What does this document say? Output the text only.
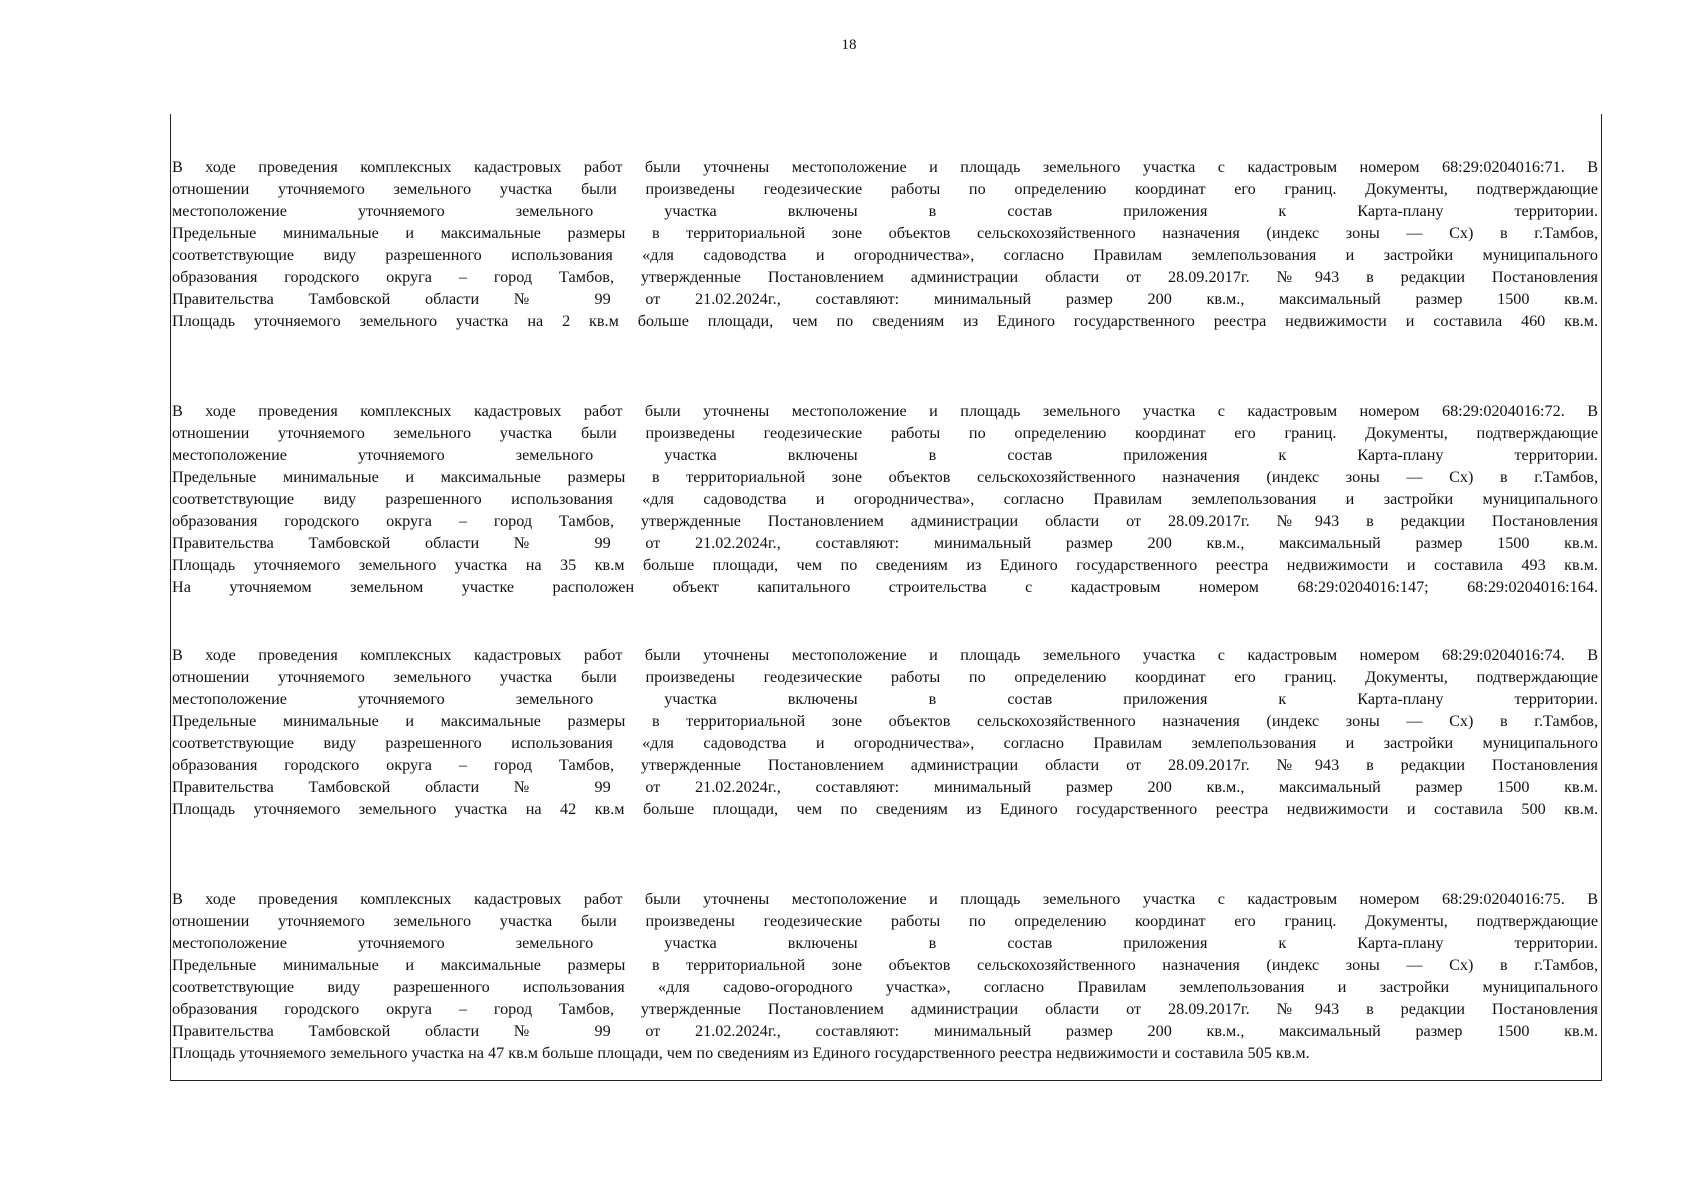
18

В ходе проведения комплексных кадастровых работ были уточнены местоположение и площадь земельного участка с кадастровым номером 68:29:0204016:71. В

отношении уточняемого земельного участка были произведены геодезические работы по определению координат его границ. Документы, подтверждающие

местоположение уточняемого земельного участка включены в состав приложения к Карта-плану территории.

Предельные минимальные и максимальные размеры в территориальной зоне объектов сельскохозяйственного назначения (индекс зоны — Сх) в г.Тамбов,

соответствующие виду разрешенного использования «для садоводства и огородничества», согласно Правилам землепользования и застройки муниципального

образования городского округа – город Тамбов, утвержденные Постановлением администрации области от 28.09.2017г. №943 в редакции Постановления

Правительства Тамбовской области № 99 от 21.02.2024г., составляют: минимальный размер 200 кв.м., максимальный размер 1500 кв.м.

Площадь уточняемого земельного участка на 2 кв.м больше площади, чем по сведениям из Единого государственного реестра недвижимости и составила 460 кв.м.

В ходе проведения комплексных кадастровых работ были уточнены местоположение и площадь земельного участка с кадастровым номером 68:29:0204016:72. В

отношении уточняемого земельного участка были произведены геодезические работы по определению координат его границ. Документы, подтверждающие

местоположение уточняемого земельного участка включены в состав приложения к Карта-плану территории.

Предельные минимальные и максимальные размеры в территориальной зоне объектов сельскохозяйственного назначения (индекс зоны — Сх) в г.Тамбов,

соответствующие виду разрешенного использования «для садоводства и огородничества», согласно Правилам землепользования и застройки муниципального

образования городского округа – город Тамбов, утвержденные Постановлением администрации области от 28.09.2017г. №943 в редакции Постановления

Правительства Тамбовской области № 99 от 21.02.2024г., составляют: минимальный размер 200 кв.м., максимальный размер 1500 кв.м.

Площадь уточняемого земельного участка на 35 кв.м больше площади, чем по сведениям из Единого государственного реестра недвижимости и составила 493 кв.м.

На уточняемом земельном участке расположен объект капитального строительства с кадастровым номером 68:29:0204016:147; 68:29:0204016:164.

В ходе проведения комплексных кадастровых работ были уточнены местоположение и площадь земельного участка с кадастровым номером 68:29:0204016:74. В

отношении уточняемого земельного участка были произведены геодезические работы по определению координат его границ. Документы, подтверждающие

местоположение уточняемого земельного участка включены в состав приложения к Карта-плану территории.

Предельные минимальные и максимальные размеры в территориальной зоне объектов сельскохозяйственного назначения (индекс зоны — Сх) в г.Тамбов,

соответствующие виду разрешенного использования «для садоводства и огородничества», согласно Правилам землепользования и застройки муниципального

образования городского округа – город Тамбов, утвержденные Постановлением администрации области от 28.09.2017г. №943 в редакции Постановления

Правительства Тамбовской области № 99 от 21.02.2024г., составляют: минимальный размер 200 кв.м., максимальный размер 1500 кв.м.

Площадь уточняемого земельного участка на 42 кв.м больше площади, чем по сведениям из Единого государственного реестра недвижимости и составила 500 кв.м.

В ходе проведения комплексных кадастровых работ были уточнены местоположение и площадь земельного участка с кадастровым номером 68:29:0204016:75. В

отношении уточняемого земельного участка были произведены геодезические работы по определению координат его границ. Документы, подтверждающие

местоположение уточняемого земельного участка включены в состав приложения к Карта-плану территории.

Предельные минимальные и максимальные размеры в территориальной зоне объектов сельскохозяйственного назначения (индекс зоны — Сх) в г.Тамбов,

соответствующие виду разрешенного использования «для садово-огородного участка», согласно Правилам землепользования и застройки муниципального

образования городского округа – город Тамбов, утвержденные Постановлением администрации области от 28.09.2017г. №943 в редакции Постановления

Правительства Тамбовской области № 99 от 21.02.2024г., составляют: минимальный размер 200 кв.м., максимальный размер 1500 кв.м.

Площадь уточняемого земельного участка на 47 кв.м больше площади, чем по сведениям из Единого государственного реестра недвижимости и составила 505 кв.м.
